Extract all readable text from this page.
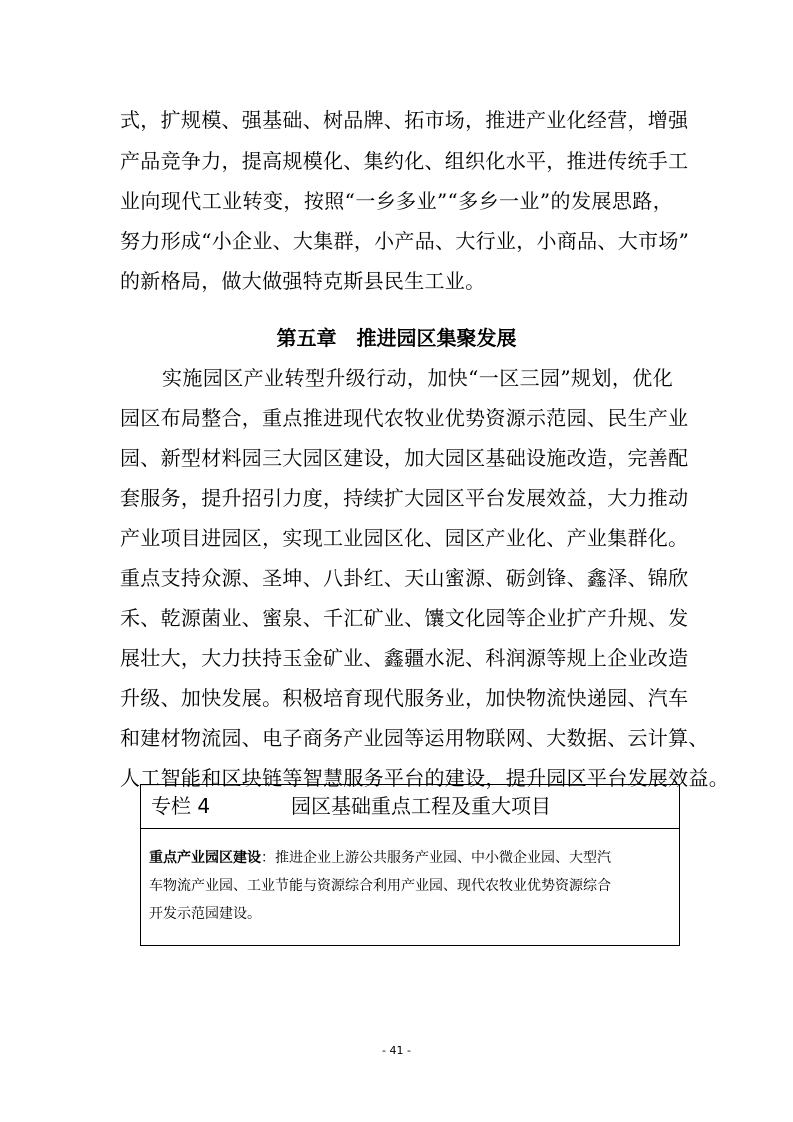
式，扩规模、强基础、树品牌、拓市场，推进产业化经营，增强
产品竞争力，提高规模化、集约化、组织化水平，推进传统手工
业向现代工业转变，按照“一乡多业”“多乡一业”的发展思路，
努力形成“小企业、大集群，小产品、大行业，小商品、大市场”
的新格局，做大做强特克斯县民生工业。
第五章　推进园区集聚发展
实施园区产业转型升级行动，加快“一区三园”规划，优化
园区布局整合，重点推进现代农牧业优势资源示范园、民生产业
园、新型材料园三大园区建设，加大园区基础设施改造，完善配
套服务，提升招引力度，持续扩大园区平台发展效益，大力推动
产业项目进园区，实现工业园区化、园区产业化、产业集群化。
重点支持众源、圣坤、八卦红、天山蜜源、砺剑锋、鑫泽、锦欣
禾、乾源菌业、蜜泉、千汇矿业、馕文化园等企业扩产升规、发
展壮大，大力扶持玉金矿业、鑫疆水泥、科润源等规上企业改造
升级、加快发展。积极培育现代服务业，加快物流快递园、汽车
和建材物流园、电子商务产业园等运用物联网、大数据、云计算、
人工智能和区块链等智慧服务平台的建设，提升园区平台发展效益。
专栏 4	园区基础重点工程及重大项目
重点产业园区建设：推进企业上游公共服务产业园、中小微企业园、大型汽
车物流产业园、工业节能与资源综合利用产业园、现代农牧业优势资源综合
开发示范园建设。
- 41 -
